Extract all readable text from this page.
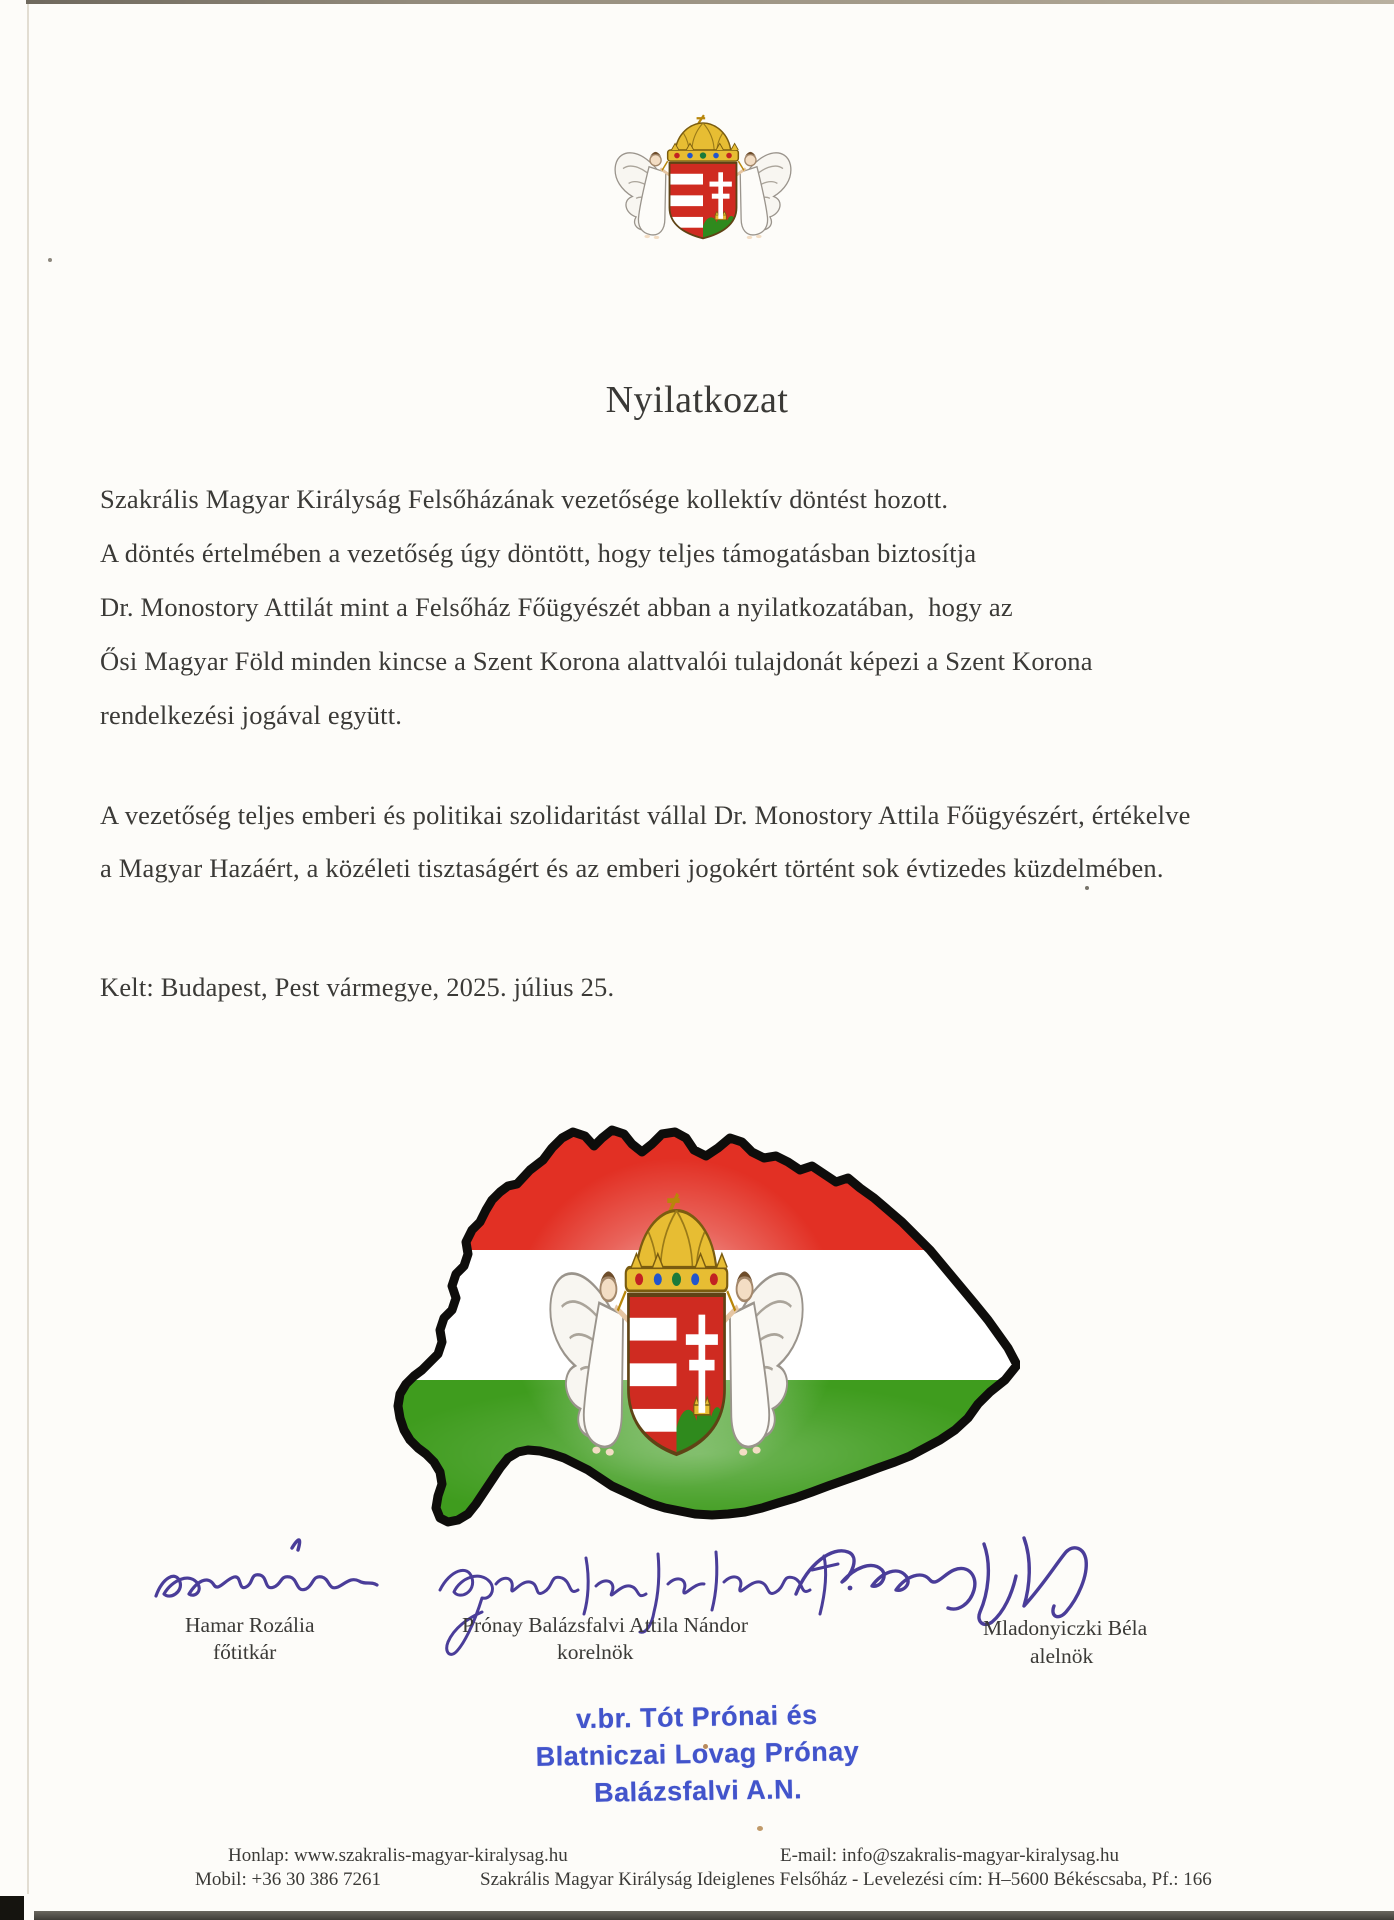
Nyilatkozat
Szakrális Magyar Királyság Felsőházának vezetősége kollektív döntést hozott.
A döntés értelmében a vezetőség úgy döntött, hogy teljes támogatásban biztosítja
Dr. Monostory Attilát mint a Felsőház Főügyészét abban a nyilatkozatában,  hogy az
Ősi Magyar Föld minden kincse a Szent Korona alattvalói tulajdonát képezi a Szent Korona
rendelkezési jogával együtt.
A vezetőség teljes emberi és politikai szolidaritást vállal Dr. Monostory Attila Főügyészért, értékelve
a Magyar Hazáért, a közéleti tisztaságért és az emberi jogokért történt sok évtizedes küzdelmében.
Kelt: Budapest, Pest vármegye, 2025. július 25.
Hamar Rozália
főtitkár
Prónay Balázsfalvi Attila Nándor
korelnök
Mladonyiczki Béla
alelnök
v.br. Tót Prónai és
Blatniczai Lovag Prónay
Balázsfalvi A.N.
Honlap: www.szakralis-magyar-kiralysag.hu	E-mail: info@szakralis-magyar-kiralysag.hu
Mobil: +36 30 386 7261	Szakrális Magyar Királyság Ideiglenes Felsőház - Levelezési cím: H–5600 Békéscsaba, Pf.: 166
